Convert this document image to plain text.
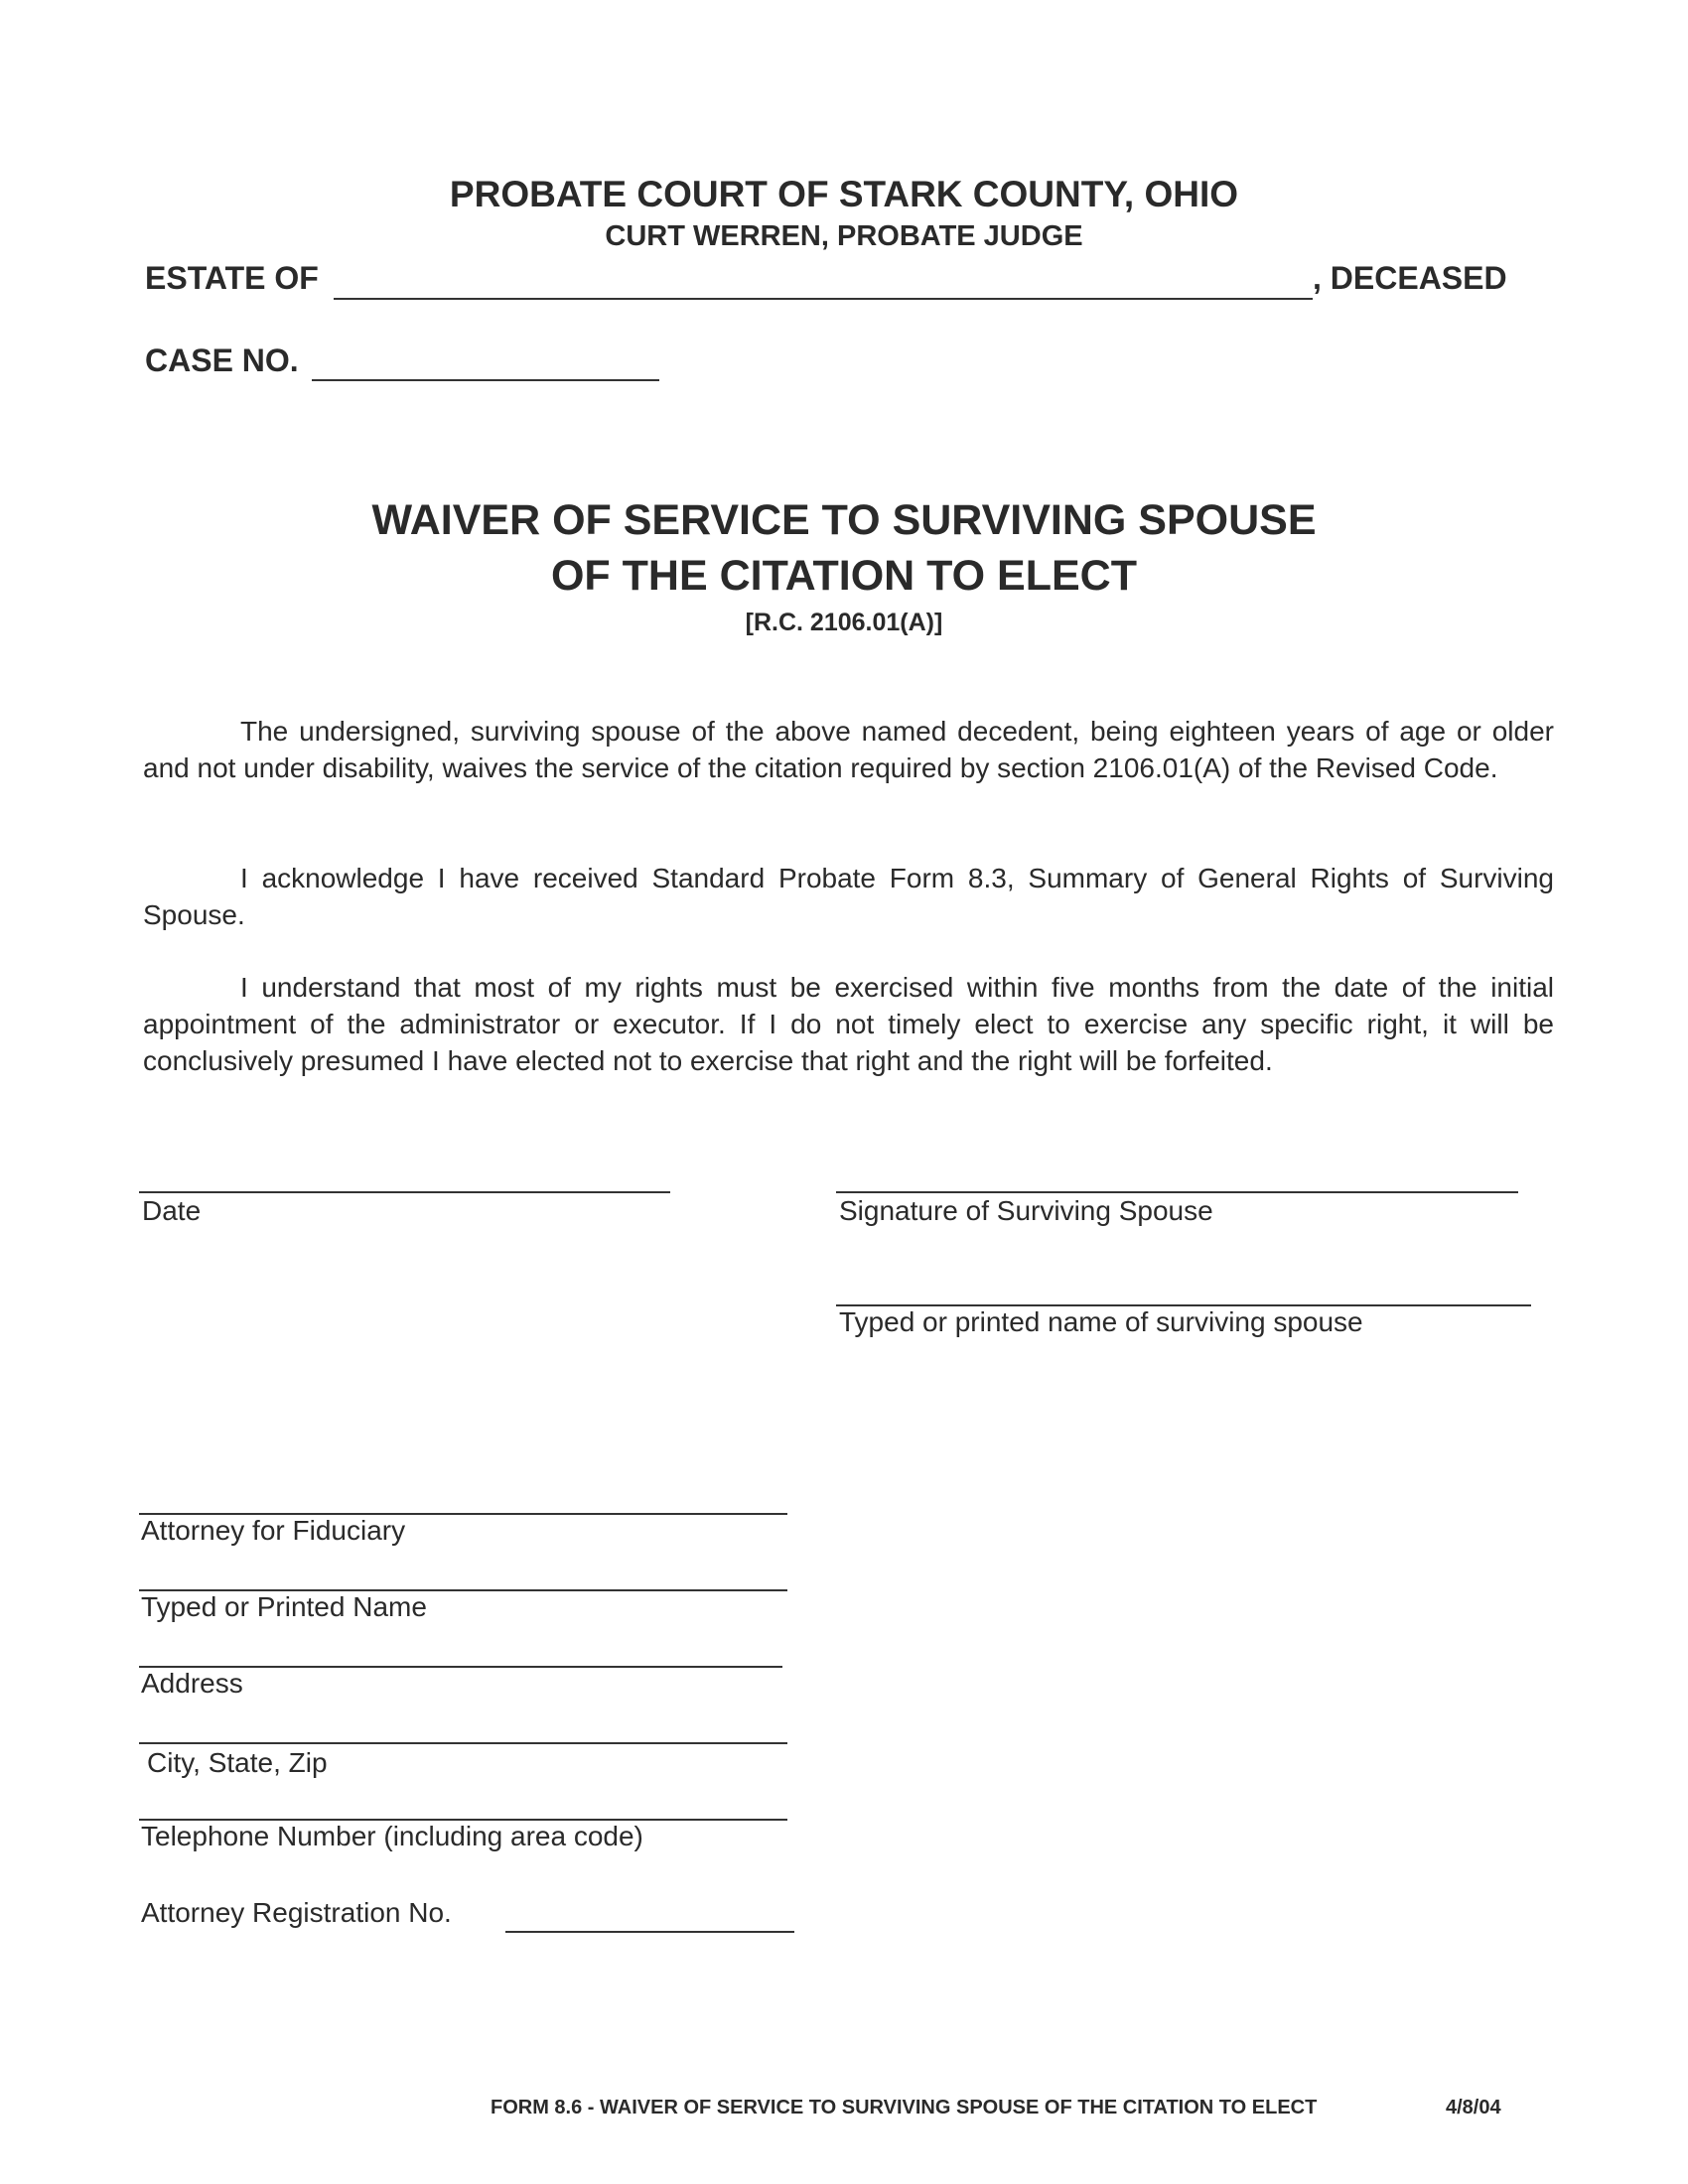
PROBATE COURT OF STARK COUNTY, OHIO
CURT WERREN, PROBATE JUDGE
ESTATE OF	, DECEASED
CASE NO.
WAIVER OF SERVICE TO SURVIVING SPOUSE
OF THE CITATION TO ELECT
[R.C. 2106.01(A)]
The undersigned, surviving spouse of the above named decedent, being eighteen years of age or older and not under disability, waives the service of the citation required by section 2106.01(A) of the Revised Code.
I acknowledge I have received Standard Probate Form 8.3, Summary of General Rights of Surviving Spouse.
I understand that most of my rights must be exercised within five months from the date of the initial appointment of the administrator or executor. If I do not timely elect to exercise any specific right, it will be conclusively presumed I have elected not to exercise that right and the right will be forfeited.
Date	Signature of Surviving Spouse
Typed or printed name of surviving spouse
Attorney for Fiduciary
Typed or Printed Name
Address
City, State, Zip
Telephone Number (including area code)
Attorney Registration No.
FORM 8.6 - WAIVER OF SERVICE TO SURVIVING SPOUSE OF THE CITATION TO ELECT	4/8/04
